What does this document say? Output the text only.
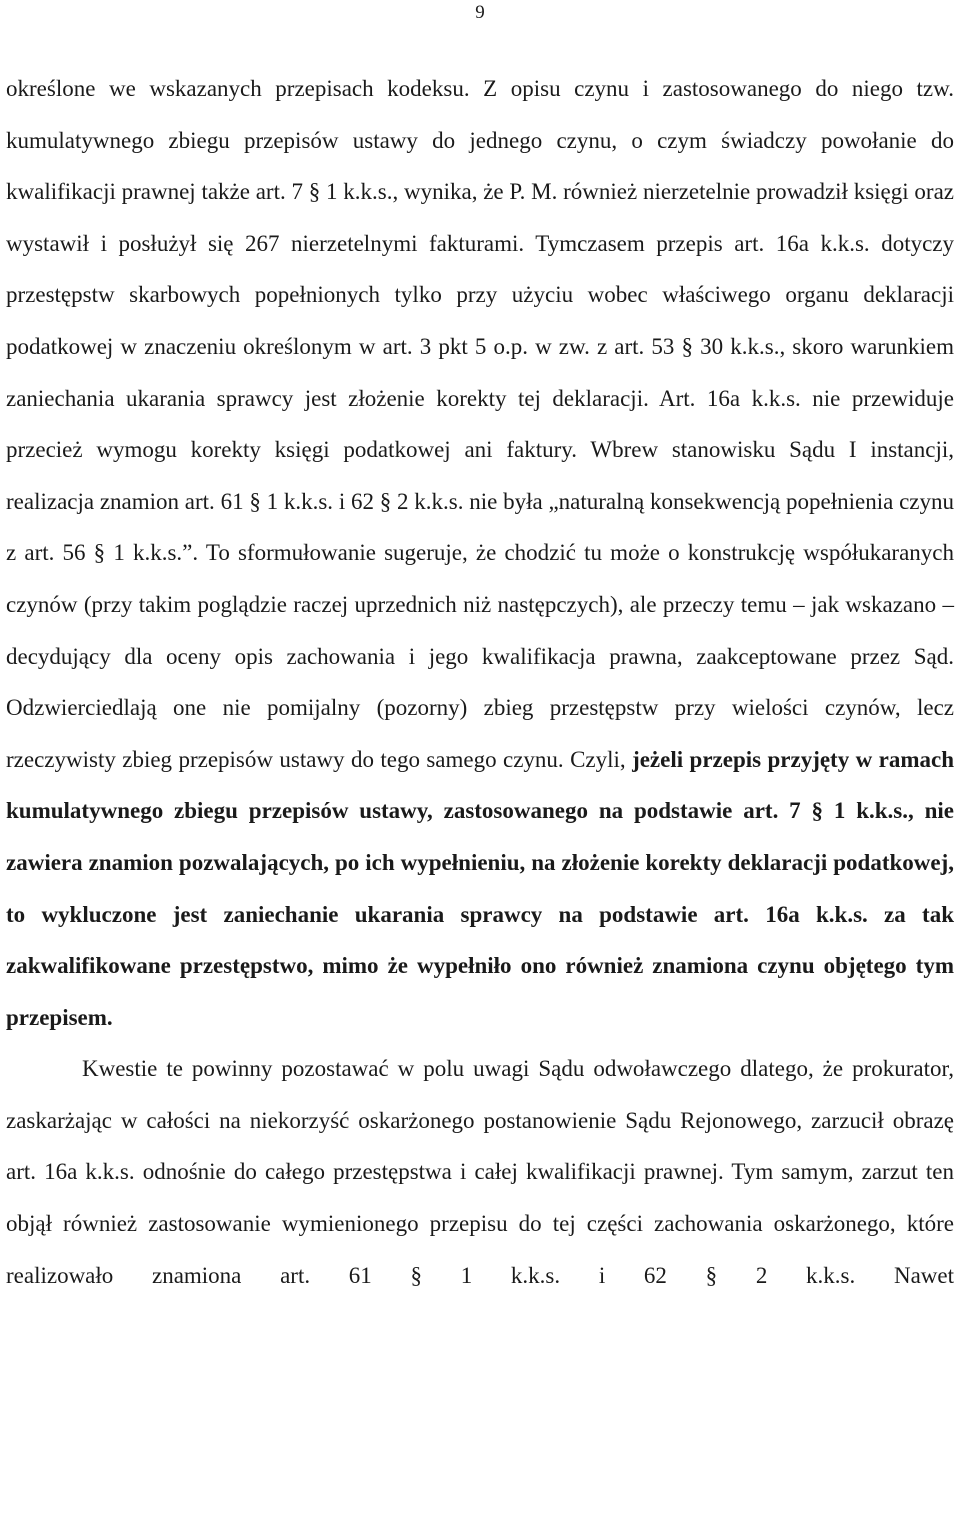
9

określone we wskazanych przepisach kodeksu. Z opisu czynu i zastosowanego do niego tzw. kumulatywnego zbiegu przepisów ustawy do jednego czynu, o czym świadczy powołanie do kwalifikacji prawnej także art. 7 § 1 k.k.s., wynika, że P. M. również nierzetelnie prowadził księgi oraz wystawił i posłużył się 267 nierzetelnymi fakturami. Tymczasem przepis art. 16a k.k.s. dotyczy przestępstw skarbowych popełnionych tylko przy użyciu wobec właściwego organu deklaracji podatkowej w znaczeniu określonym w art. 3 pkt 5 o.p. w zw. z art. 53 § 30 k.k.s., skoro warunkiem zaniechania ukarania sprawcy jest złożenie korekty tej deklaracji. Art. 16a k.k.s. nie przewiduje przecież wymogu korekty księgi podatkowej ani faktury. Wbrew stanowisku Sądu I instancji, realizacja znamion art. 61 § 1 k.k.s. i 62 § 2 k.k.s. nie była „naturalną konsekwencją popełnienia czynu z art. 56 § 1 k.k.s.”. To sformułowanie sugeruje, że chodzić tu może o konstrukcję współukaranych czynów (przy takim poglądzie raczej uprzednich niż następczych), ale przeczy temu – jak wskazano – decydujący dla oceny opis zachowania i jego kwalifikacja prawna, zaakceptowane przez Sąd. Odzwierciedlają one nie pomijalny (pozorny) zbieg przestępstw przy wielości czynów, lecz rzeczywisty zbieg przepisów ustawy do tego samego czynu. Czyli, jeżeli przepis przyjęty w ramach kumulatywnego zbiegu przepisów ustawy, zastosowanego na podstawie art. 7 § 1 k.k.s., nie zawiera znamion pozwalających, po ich wypełnieniu, na złożenie korekty deklaracji podatkowej, to wykluczone jest zaniechanie ukarania sprawcy na podstawie art. 16a k.k.s. za tak zakwalifikowane przestępstwo, mimo że wypełniło ono również znamiona czynu objętego tym przepisem.

Kwestie te powinny pozostawać w polu uwagi Sądu odwoławczego dlatego, że prokurator, zaskarżając w całości na niekorzyść oskarżonego postanowienie Sądu Rejonowego, zarzucił obrazę art. 16a k.k.s. odnośnie do całego przestępstwa i całej kwalifikacji prawnej. Tym samym, zarzut ten objął również zastosowanie wymienionego przepisu do tej części zachowania oskarżonego, które realizowało znamiona art. 61 § 1 k.k.s. i 62 § 2 k.k.s. Nawet
